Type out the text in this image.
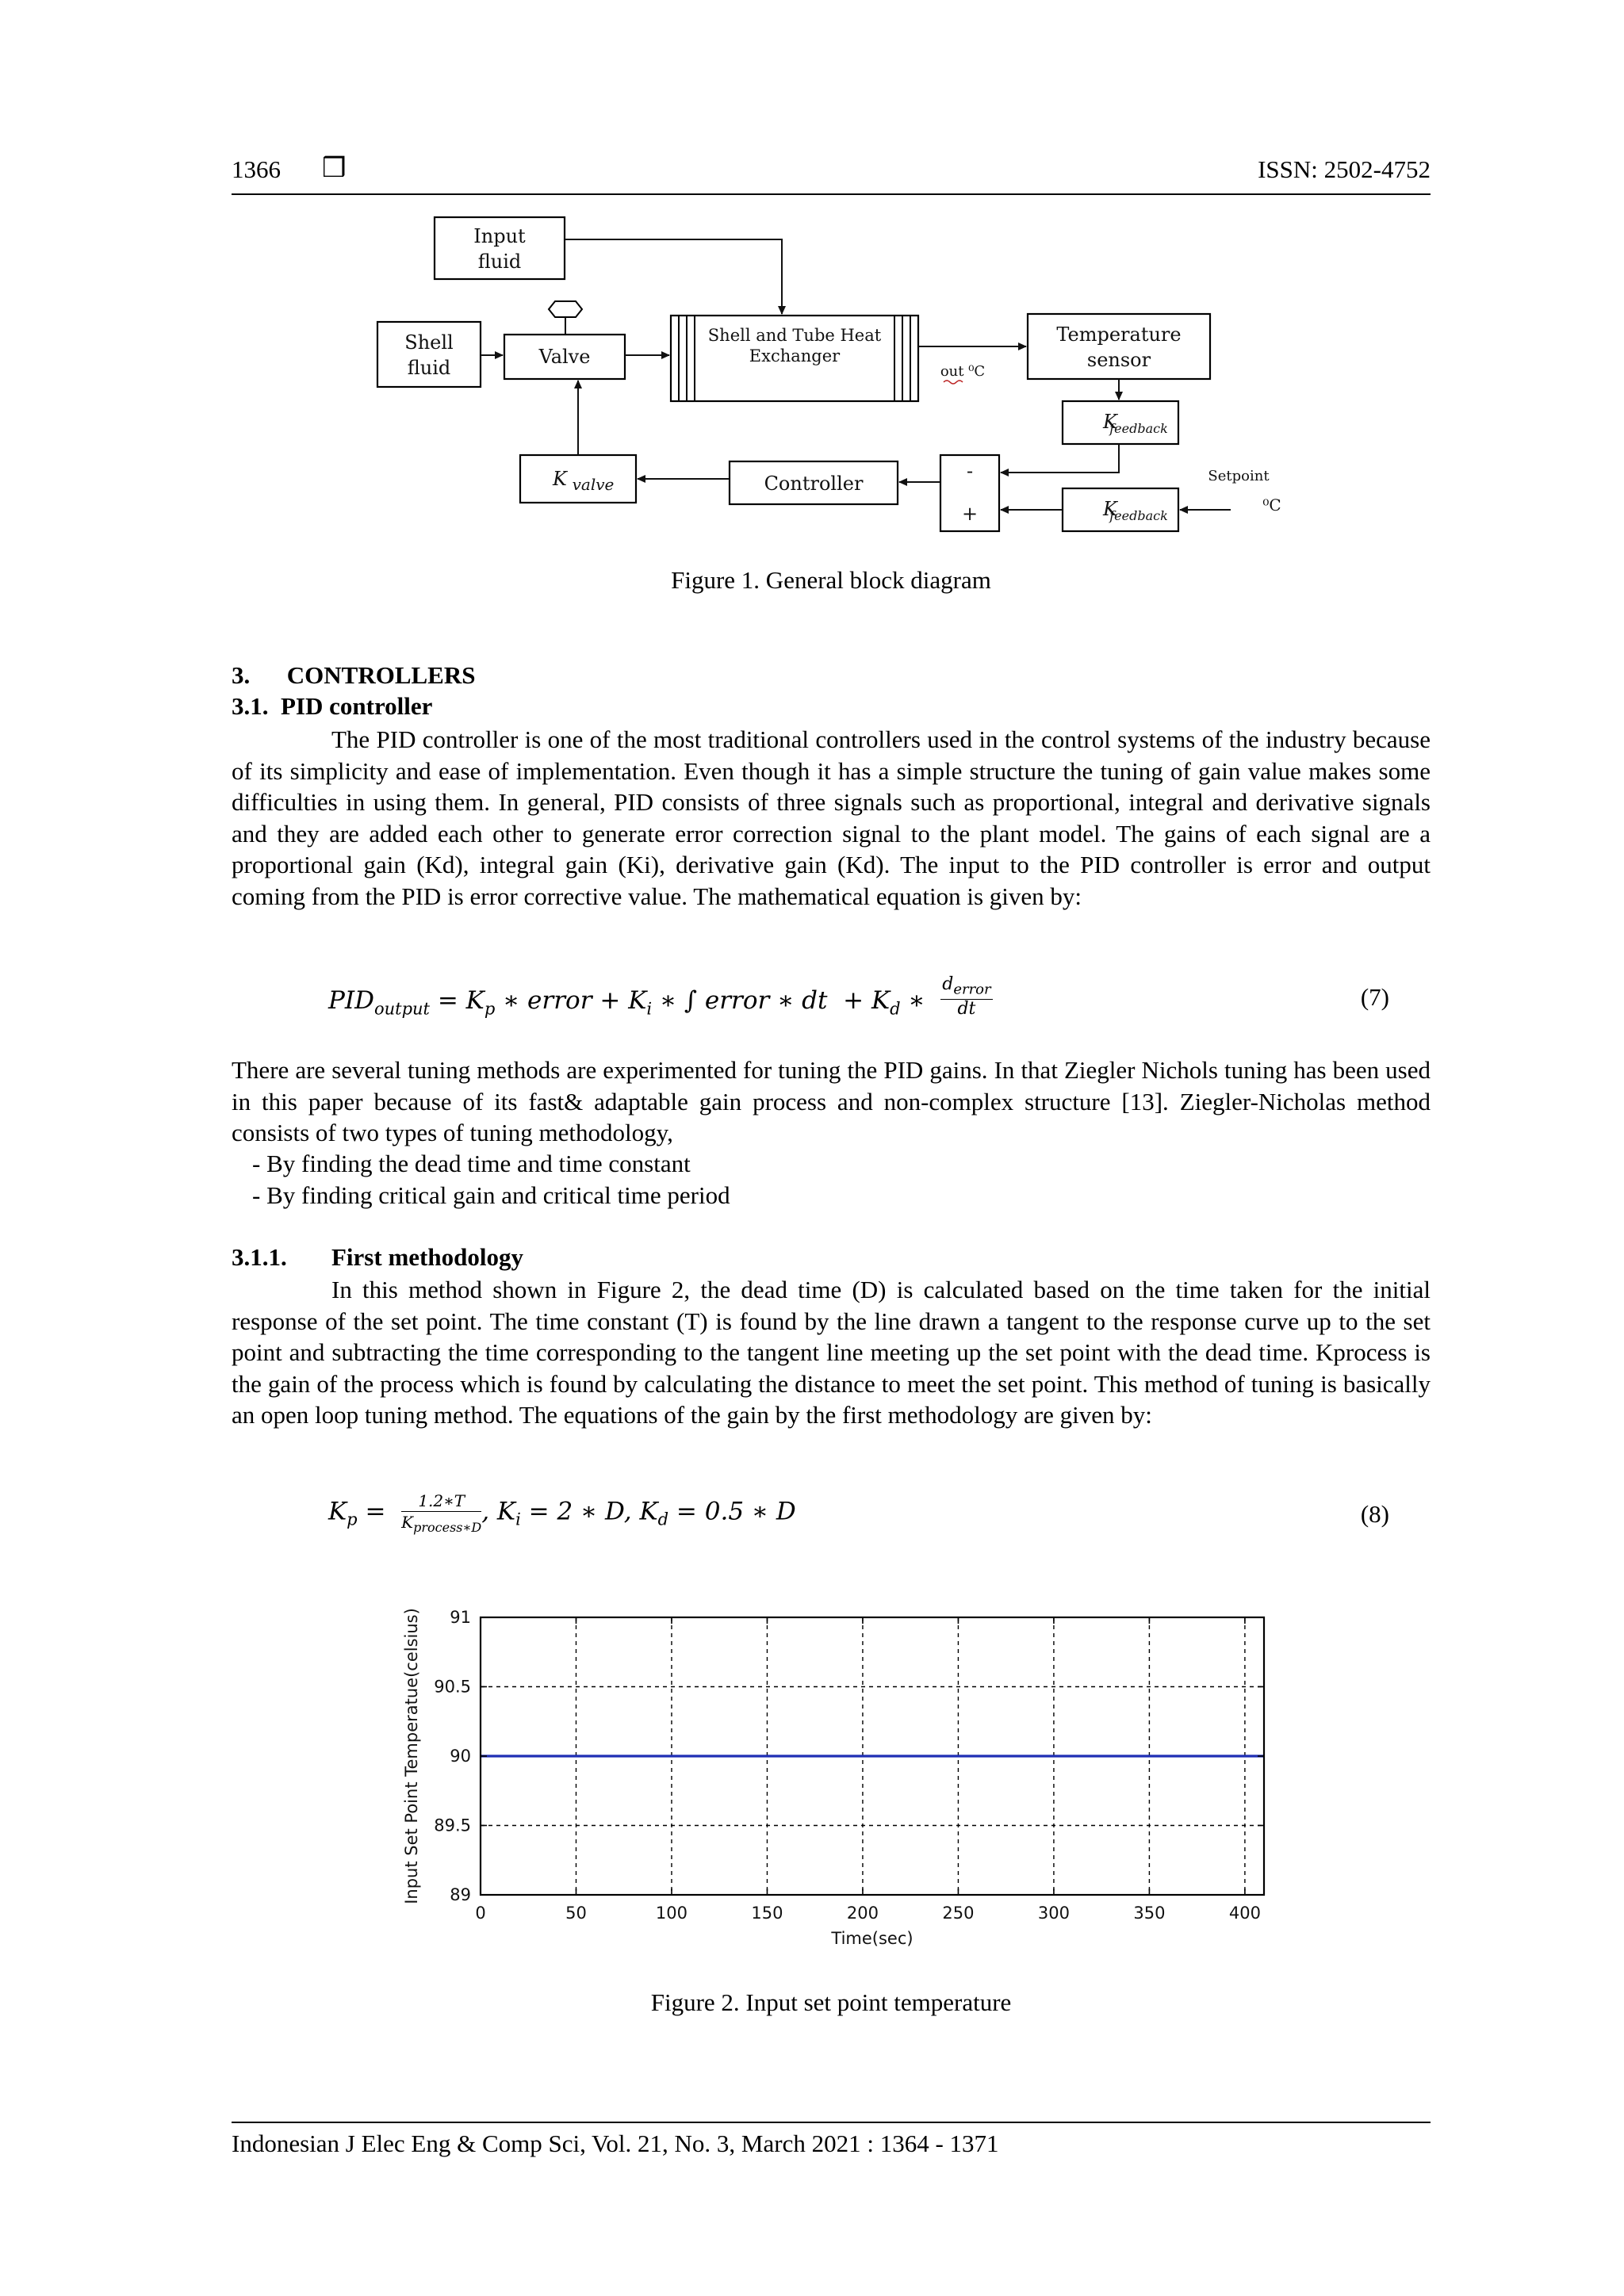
1366 ❒	ISSN: 2502-4752
Input
fluid
Shell
fluid	Valve
Shell and Tube Heat
Exchanger
Temperature
sensor
K
feedback
K
feedback
-
+
Controller
K valve
out ⁰C
Setpoint
⁰C
Figure 1. General block diagram
3.      CONTROLLERS
3.1.  PID controller

The PID controller is one of the most traditional controllers used in the control systems of the industry because of its simplicity and ease of implementation. Even though it has a simple structure the tuning of gain value makes some difficulties in using them. In general, PID consists of three signals such as proportional, integral and derivative signals and they are added each other to generate error correction signal to the plant model. The gains of each signal are a proportional gain (Kd), integral gain (Ki), derivative gain (Kd). The input to the PID controller is error and output coming from the PID is error corrective value. The mathematical equation is given by:

$PID_{output} = K_p$ ∗ error + $K_i$ ∗ ∫ error ∗ dt  + $K_d$ ∗
$d_{error}$
dt	(7)

There are several tuning methods are experimented for tuning the PID gains. In that Ziegler Nichols tuning has been used in this paper because of its fast& adaptable gain process and non-complex structure [13]. Ziegler-Nicholas method consists of two types of tuning methodology,

- By finding the dead time and time constant
- By finding critical gain and critical time period
3.1.1. First methodology

In this method shown in Figure 2, the dead time (D) is calculated based on the time taken for the initial response of the set point. The time constant (T) is found by the line drawn a tangent to the response curve up to the set point and subtracting the time corresponding to the tangent line meeting up the set point with the dead time. Kprocess is the gain of the process which is found by calculating the distance to meet the set point. This method of tuning is basically an open loop tuning method. The equations of the gain by the first methodology are given by:

$K_p$ =	1.2∗T
$K_{process∗D}$
, $K_i = 2$ ∗ D, $K_d = 0.5$ ∗ D	(8)
0	50	100	150	200	250	300	350	400
89
89.5
90
90.5
91
Time(sec)
Input Set Point Temperatue(celsius)
Figure 2. Input set point temperature
Indonesian J Elec Eng & Comp Sci, Vol. 21, No. 3, March 2021 : 1364 - 1371
